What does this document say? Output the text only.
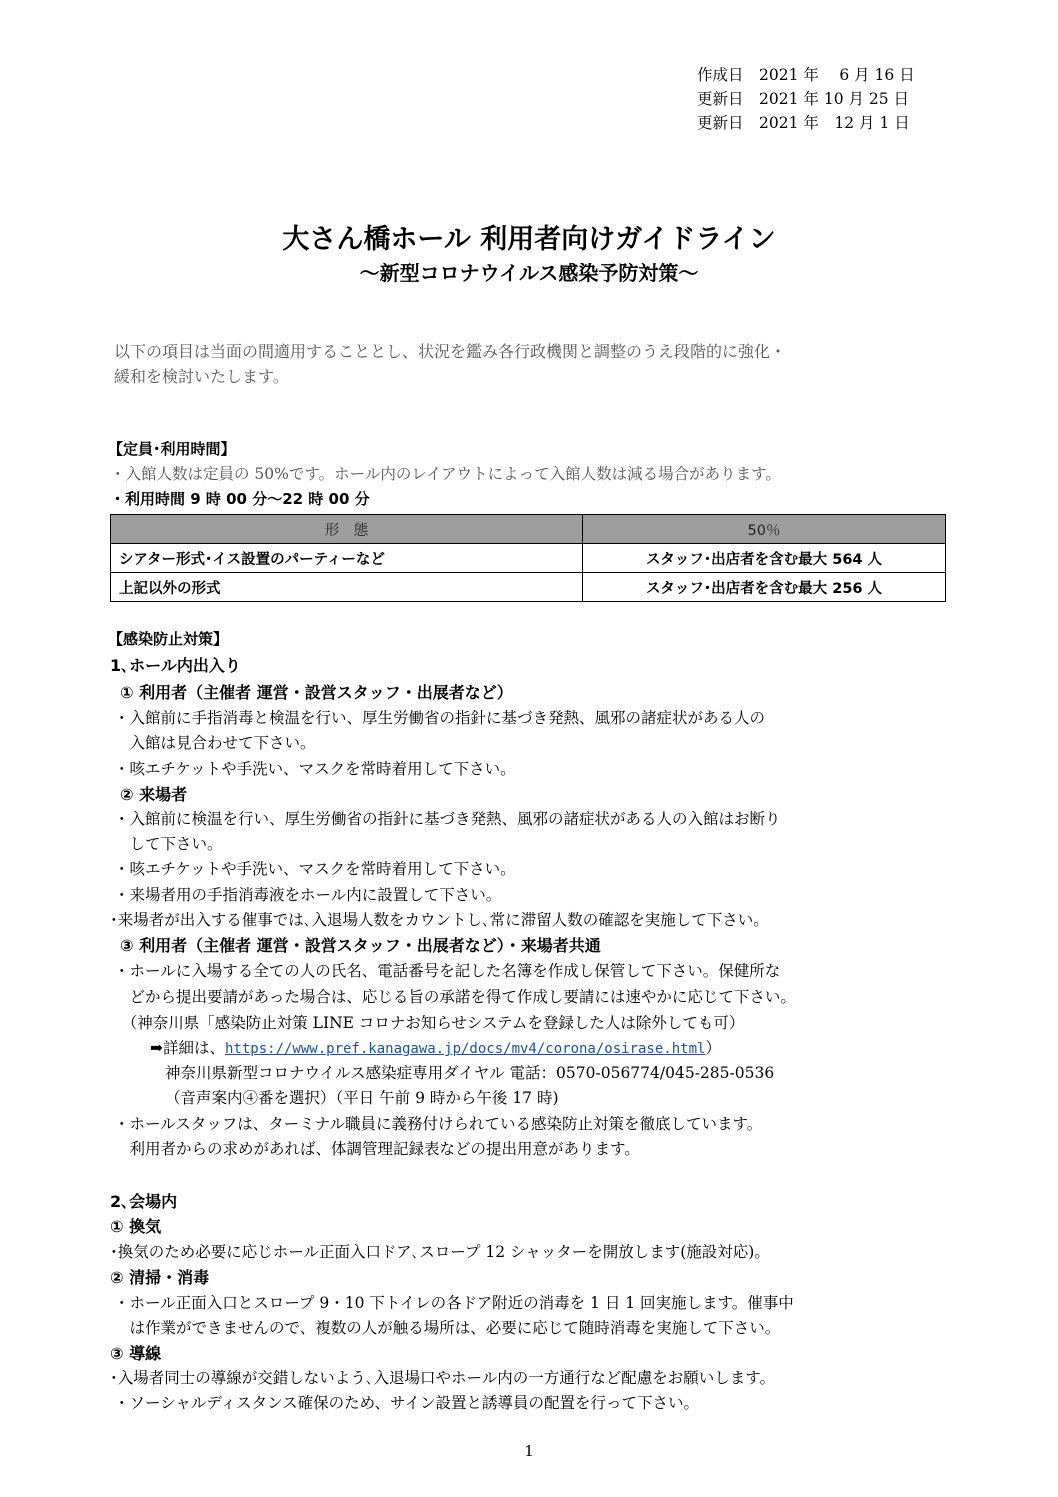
作成日　 2021 年　 6 月 16 日
更新日　 2021 年 10 月 25 日
更新日　 2021 年　12 月 1 日
大さん橋ホール 利用者向けガイドライン
～新型コロナウイルス感染予防対策～
以下の項目は当面の間適用することとし、状況を鑑み各行政機関と調整のうえ段階的に強化・
緩和を検討いたします。
【定員･利用時間】
・入館人数は定員の 50%です。ホール内のレイアウトによって入館人数は減る場合があります。
・利用時間 9 時 00 分～22 時 00 分
形　態	50％
シアター形式･イス設置のパーティーなど	スタッフ･出店者を含む最大 564 人
上記以外の形式	スタッフ･出店者を含む最大 256 人
【感染防止対策】
1､ホール内出入り
① 利用者（主催者 運営・設営スタッフ・出展者など）
・入館前に手指消毒と検温を行い、厚生労働省の指針に基づき発熱、風邪の諸症状がある人の
　入館は見合わせて下さい。
・咳エチケットや手洗い、マスクを常時着用して下さい。
② 来場者
・入館前に検温を行い、厚生労働省の指針に基づき発熱、風邪の諸症状がある人の入館はお断り
　して下さい。
・咳エチケットや手洗い、マスクを常時着用して下さい。
・来場者用の手指消毒液をホール内に設置して下さい。
･来場者が出入する催事では､入退場人数をカウントし､常に滞留人数の確認を実施して下さい。
③ 利用者（主催者 運営・設営スタッフ・出展者など）・来場者共通
・ホールに入場する全ての人の氏名、電話番号を記した名簿を作成し保管して下さい。保健所な
　どから提出要請があった場合は、応じる旨の承諾を得て作成し要請には速やかに応じて下さい。
　（神奈川県「感染防止対策 LINE コロナお知らせシステムを登録した人は除外しても可）
➡詳細は、https://www.pref.kanagawa.jp/docs/mv4/corona/osirase.html）
神奈川県新型コロナウイルス感染症専用ダイヤル 電話：0570-056774/045-285-0536
（音声案内④番を選択）（平日 午前 9 時から午後 17 時)
・ホールスタッフは、ターミナル職員に義務付けられている感染防止対策を徹底しています。
　利用者からの求めがあれば、体調管理記録表などの提出用意があります。
2､会場内
① 換気
･換気のため必要に応じホール正面入口ドア､スロープ 12 シャッターを開放します(施設対応)。
② 清掃・消毒
・ホール正面入口とスロープ 9・10 下トイレの各ドア附近の消毒を 1 日 1 回実施します。催事中
　は作業ができませんので、複数の人が触る場所は、必要に応じて随時消毒を実施して下さい。
③ 導線
･入場者同士の導線が交錯しないよう､入退場口やホール内の一方通行など配慮をお願いします。
・ソーシャルディスタンス確保のため、サイン設置と誘導員の配置を行って下さい。
1
